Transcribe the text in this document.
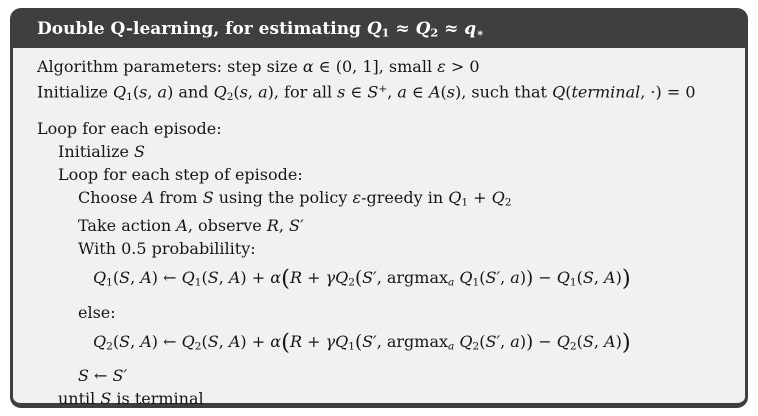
Double Q-learning, for estimating $Q_1 \approx Q_2 \approx q_∗$
Algorithm parameters: step size α ∈ (0, 1], small ε > 0
Initialize $Q_1(s$, a) and $Q_2(s$, a), for all s ∈ S+, a ∈ A(s), such that Q(terminal, ·) = 0
Loop for each episode:
Initialize S
Loop for each step of episode:
Choose A from S using the policy ε-greedy in $Q_1 + Q_2$
Take action A, observe R, S′
With 0.5 probabilility:
$Q_1(S$, A) ← $Q_1(S$, $A) + \alpha(R + \gamma Q_2(S'$, argmax$_a$ $Q_1(S'$, $a)) - Q_1(S$, A))
else:
$Q_2(S$, A) ← $Q_2(S$, $A) + \alpha(R + \gamma Q_1(S'$, argmax$_a$ $Q_2(S'$, $a)) - Q_2(S$, A))
S ← S′
until S is terminal
